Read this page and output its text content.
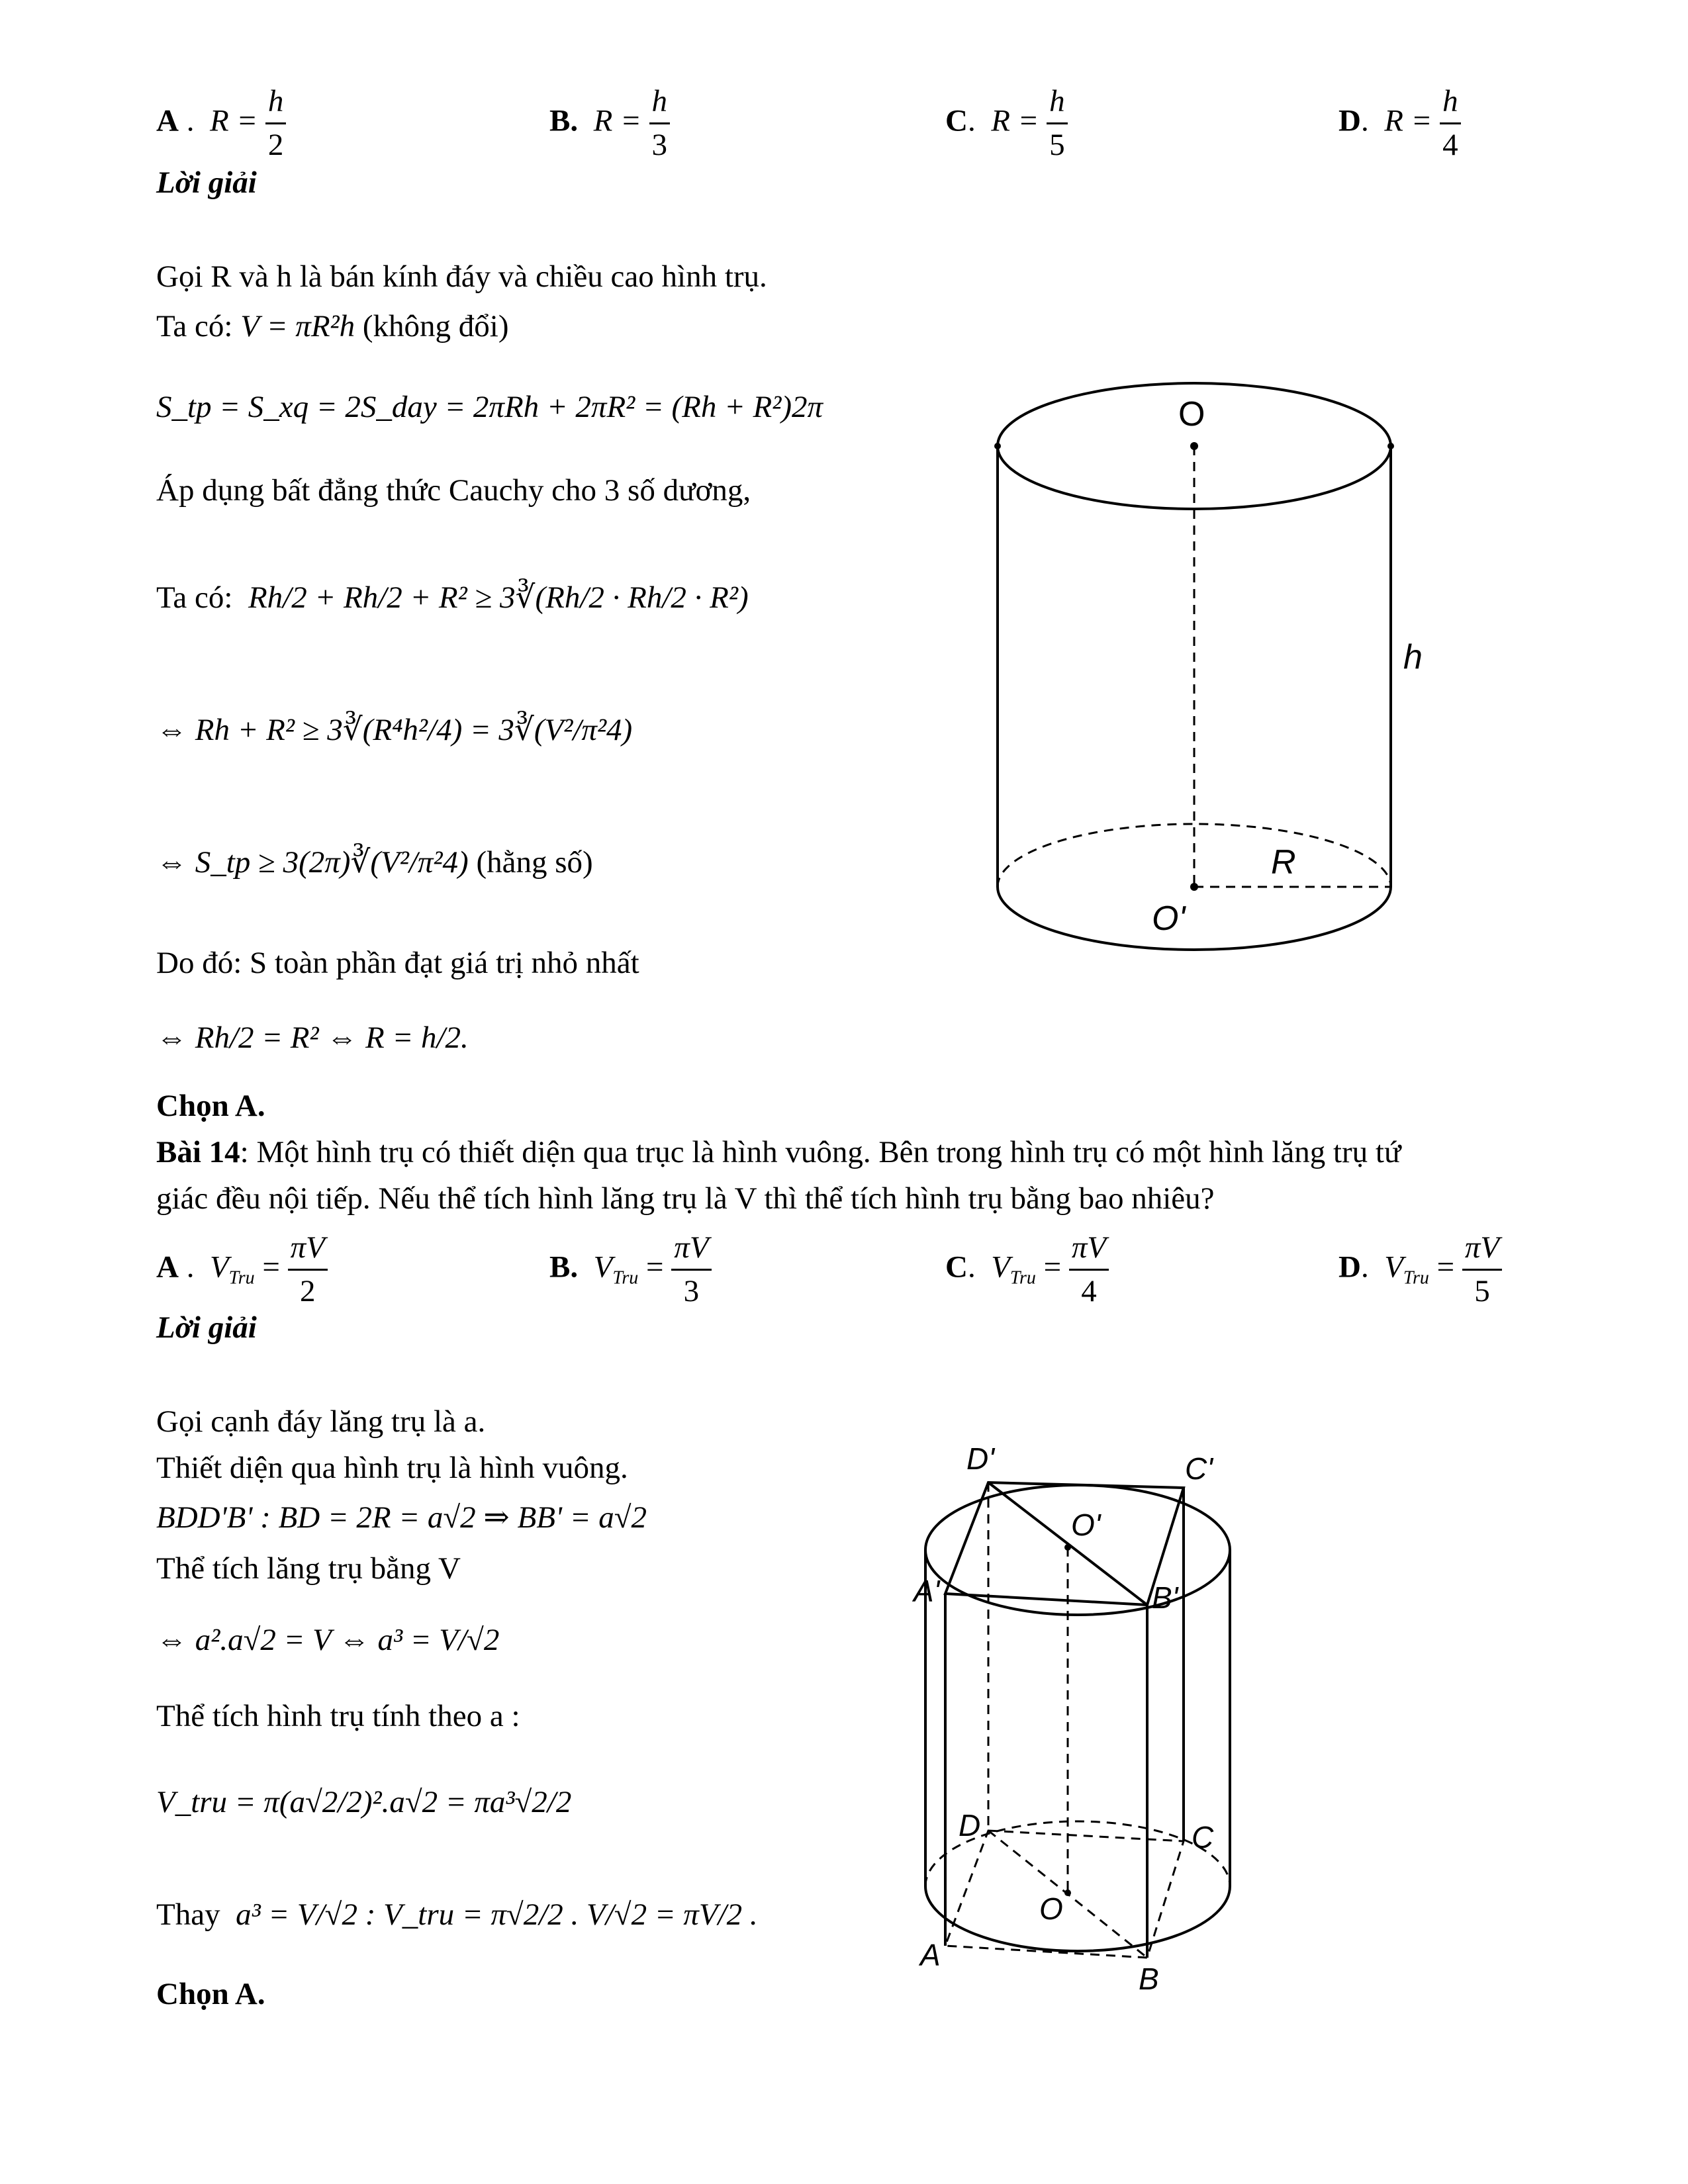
A . $R = \frac{h}{2}$	B. $R = \frac{h}{3}$	C. $R = \frac{h}{5}$	D. $R = \frac{h}{4}$
Lời giải
Gọi R và h là bán kính đáy và chiều cao hình trụ.
Ta có: V = πR²h (không đổi)
S_tp = S_xq = 2S_day = 2πRh + 2πR² = (Rh + R²)2π
Áp dụng bất đẳng thức Cauchy cho 3 số dương,
Ta có: Rh/2 + Rh/2 + R² ≥ 3∛(Rh/2 · Rh/2 · R²)
⇔ Rh + R² ≥ 3∛(R⁴h²/4) = 3∛(V²/π²4)
⇔ S_tp ≥ 3(2π)∛(V²/π²4) (hằng số)
Do đó: S toàn phần đạt giá trị nhỏ nhất
⇔ Rh/2 = R² ⇔ R = h/2.
Chọn A.
O
O'
h
R
Bài 14: Một hình trụ có thiết diện qua trục là hình vuông. Bên trong hình trụ có một hình lăng trụ tứ
giác đều nội tiếp. Nếu thể tích hình lăng trụ là V thì thể tích hình trụ bằng bao nhiêu?
A . $V_{Tru} = \frac{\pi V}{2}$	B. $V_{Tru} = \frac{\pi V}{3}$	C. $V_{Tru} = \frac{\pi V}{4}$	D. $V_{Tru} = \frac{\pi V}{5}$
Lời giải
Gọi cạnh đáy lăng trụ là a.
Thiết diện qua hình trụ là hình vuông.
BDD'B' : BD = 2R = a√2 ⇒ BB' = a√2
Thể tích lăng trụ bằng V
⇔ a².a√2 = V ⇔ a³ = V/√2
Thể tích hình trụ tính theo a :
V_tru = π(a√2/2)².a√2 = πa³√2/2
Thay a³ = V/√2 : V_tru = π√2/2 . V/√2 = πV/2 .
Chọn A.
D'	C'
O'
A'	B'
D	C
O
A
B
